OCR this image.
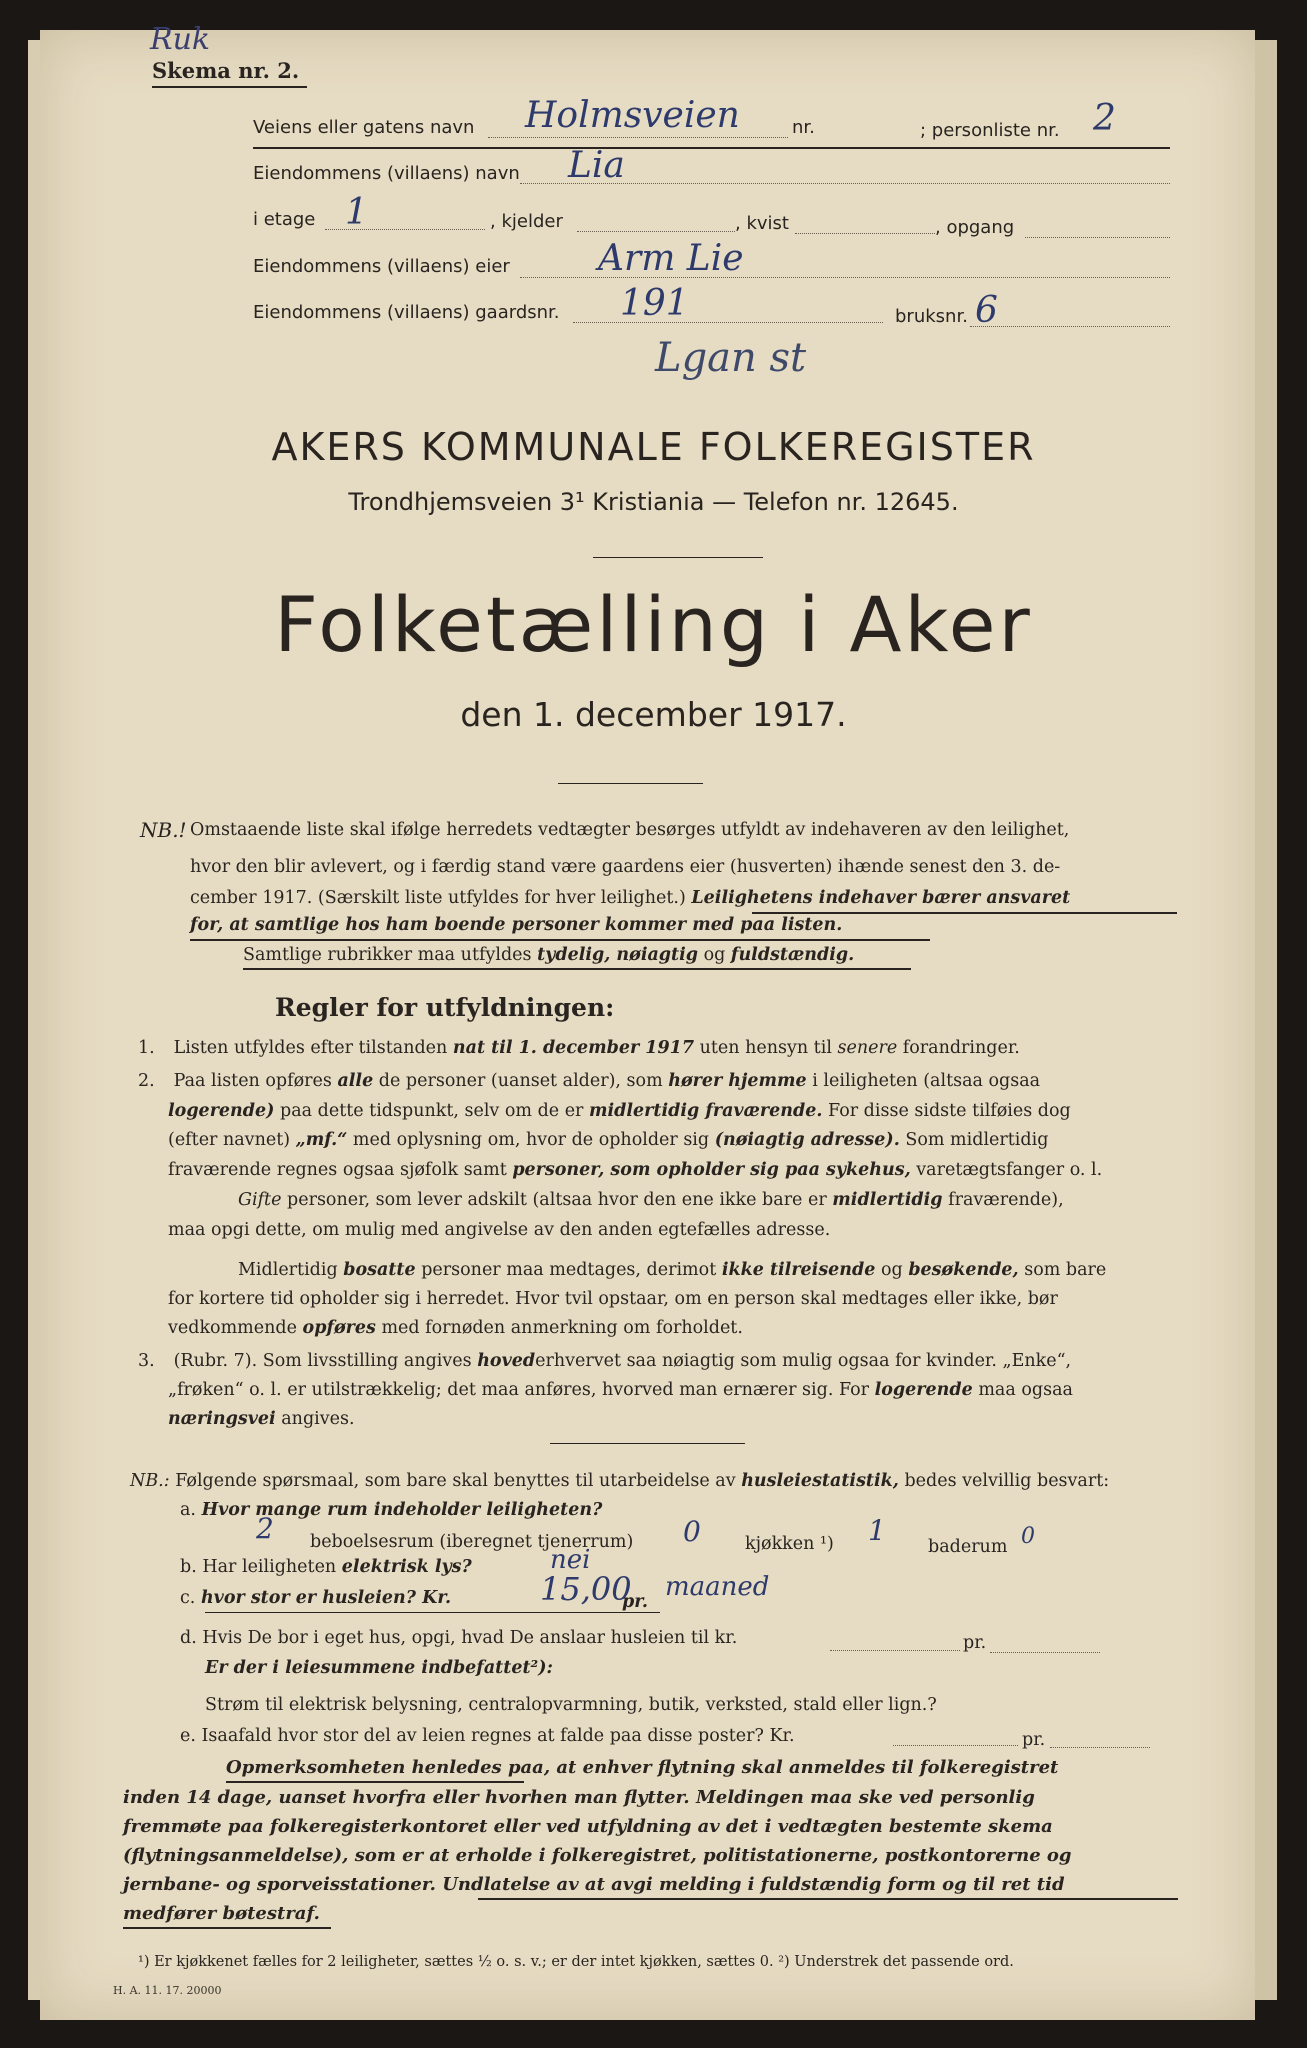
Ruk
Skema nr. 2.
Veiens eller gatens navn Holmsveien	nr.	; personliste nr. 2
Eiendommens (villaens) navn Lia
i etage 1	, kjelder	, kvist	, opgang
Eiendommens (villaens) eier Arm Lie
Eiendommens (villaens) gaardsnr. 191	bruksnr. 6
Lgan st
AKERS KOMMUNALE FOLKEREGISTER
Trondhjemsveien 3¹ Kristiania — Telefon nr. 12645.
Folketælling i Aker
den 1. december 1917.
NB.! Omstaaende liste skal ifølge herredets vedtægter besørges utfyldt av indehaveren av den leilighet,
hvor den blir avlevert, og i færdig stand være gaardens eier (husverten) ihænde senest den 3. de-
cember 1917. (Særskilt liste utfyldes for hver leilighet.) Leilighetens indehaver bærer ansvaret
for, at samtlige hos ham boende personer kommer med paa listen.
Samtlige rubrikker maa utfyldes tydelig, nøiagtig og fuldstændig.
Regler for utfyldningen:
1. Listen utfyldes efter tilstanden nat til 1. december 1917 uten hensyn til senere forandringer.
2. Paa listen opføres alle de personer (uanset alder), som hører hjemme i leiligheten (altsaa ogsaa
logerende) paa dette tidspunkt, selv om de er midlertidig fraværende. For disse sidste tilføies dog
(efter navnet) „mf.“ med oplysning om, hvor de opholder sig (nøiagtig adresse). Som midlertidig
fraværende regnes ogsaa sjøfolk samt personer, som opholder sig paa sykehus, varetægtsfanger o. l.
Gifte personer, som lever adskilt (altsaa hvor den ene ikke bare er midlertidig fraværende),
maa opgi dette, om mulig med angivelse av den anden egtefælles adresse.
Midlertidig bosatte personer maa medtages, derimot ikke tilreisende og besøkende, som bare
for kortere tid opholder sig i herredet. Hvor tvil opstaar, om en person skal medtages eller ikke, bør
vedkommende opføres med fornøden anmerkning om forholdet.
3. (Rubr. 7). Som livsstilling angives hovederhvervet saa nøiagtig som mulig ogsaa for kvinder. „Enke“,
„frøken“ o. l. er utilstrækkelig; det maa anføres, hvorved man ernærer sig. For logerende maa ogsaa
næringsvei angives.
NB.: Følgende spørsmaal, som bare skal benyttes til utarbeidelse av husleiestatistik, bedes velvillig besvart:
a. Hvor mange rum indeholder leiligheten?
2 beboelsesrum (iberegnet tjenerrum) 0	kjøkken ¹) 1 baderum 0
b. Har leiligheten elektrisk lys?	nei
c. hvor stor er husleien? Kr.	15,00
pr. maaned
d. Hvis De bor i eget hus, opgi, hvad De anslaar husleien til kr.	pr.
Er der i leiesummene indbefattet²):
Strøm til elektrisk belysning, centralopvarmning, butik, verksted, stald eller lign.?
e. Isaafald hvor stor del av leien regnes at falde paa disse poster? Kr.	pr.
Opmerksomheten henledes paa, at enhver flytning skal anmeldes til folkeregistret
inden 14 dage, uanset hvorfra eller hvorhen man flytter. Meldingen maa ske ved personlig
fremmøte paa folkeregisterkontoret eller ved utfyldning av det i vedtægten bestemte skema
(flytningsanmeldelse), som er at erholde i folkeregistret, politistationerne, postkontorerne og
jernbane- og sporveisstationer. Undlatelse av at avgi melding i fuldstændig form og til ret tid
medfører bøtestraf.
¹) Er kjøkkenet fælles for 2 leiligheter, sættes ½ o. s. v.; er der intet kjøkken, sættes 0. ²) Understrek det passende ord.
H. A. 11. 17. 20000
